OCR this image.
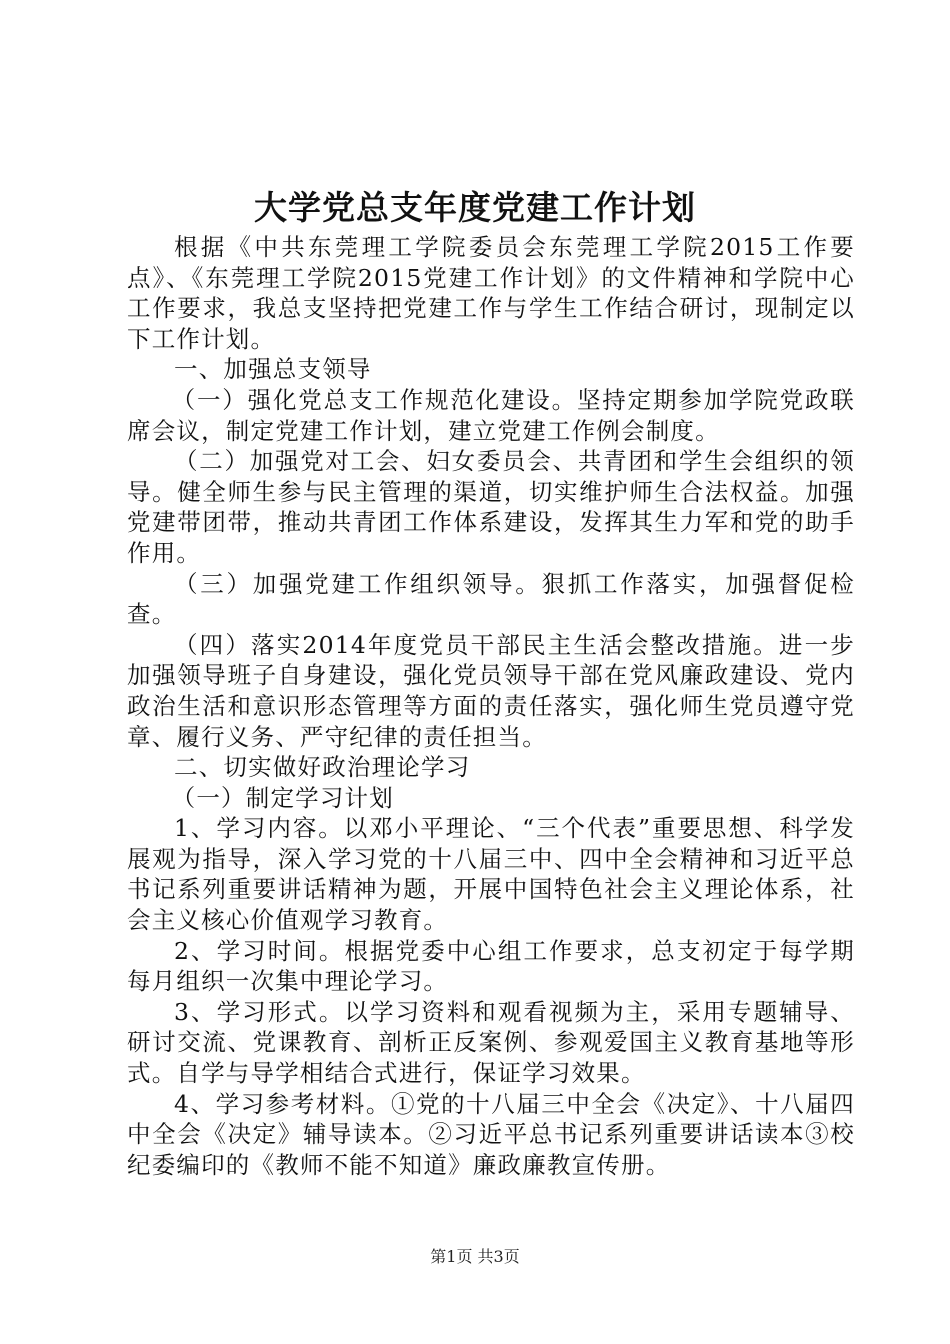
大学党总支年度党建工作计划

根据《中共东莞理工学院委员会东莞理工学院2015工作要点》、《东莞理工学院2015党建工作计划》的文件精神和学院中心工作要求，我总支坚持把党建工作与学生工作结合研讨，现制定以下工作计划。

一、加强总支领导

（一）强化党总支工作规范化建设。坚持定期参加学院党政联席会议，制定党建工作计划，建立党建工作例会制度。

（二）加强党对工会、妇女委员会、共青团和学生会组织的领导。健全师生参与民主管理的渠道，切实维护师生合法权益。加强党建带团带，推动共青团工作体系建设，发挥其生力军和党的助手作用。

（三）加强党建工作组织领导。狠抓工作落实，加强督促检查。

（四）落实2014年度党员干部民主生活会整改措施。进一步加强领导班子自身建设，强化党员领导干部在党风廉政建设、党内政治生活和意识形态管理等方面的责任落实，强化师生党员遵守党章、履行义务、严守纪律的责任担当。

二、切实做好政治理论学习

（一）制定学习计划

1、学习内容。以邓小平理论、“三个代表”重要思想、科学发展观为指导，深入学习党的十八届三中、四中全会精神和习近平总书记系列重要讲话精神为题，开展中国特色社会主义理论体系，社会主义核心价值观学习教育。

2、学习时间。根据党委中心组工作要求，总支初定于每学期每月组织一次集中理论学习。

3、学习形式。以学习资料和观看视频为主，采用专题辅导、研讨交流、党课教育、剖析正反案例、参观爱国主义教育基地等形式。自学与导学相结合式进行，保证学习效果。

4、学习参考材料。①党的十八届三中全会《决定》、十八届四中全会《决定》辅导读本。②习近平总书记系列重要讲话读本③校纪委编印的《教师不能不知道》廉政廉教宣传册。

第1页 共3页
